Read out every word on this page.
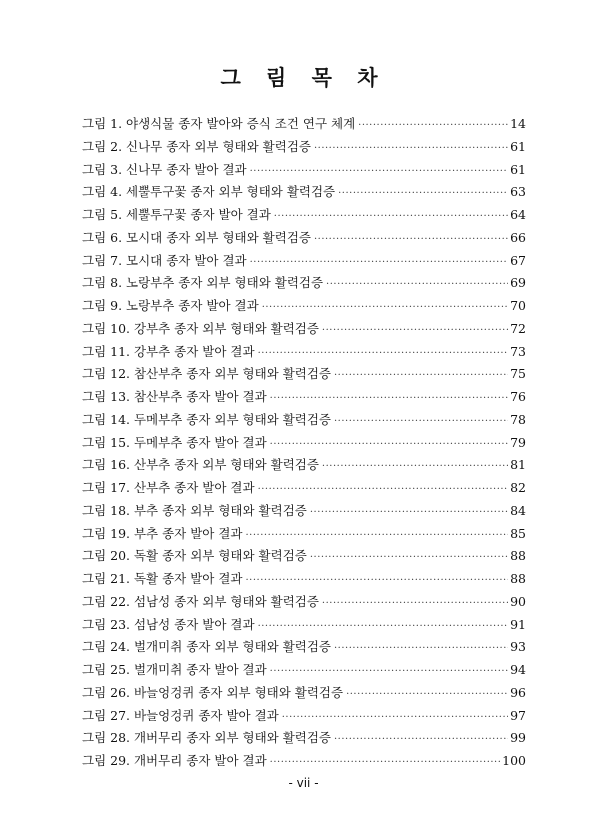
그 림 목 차
그림 1. 야생식물 종자 발아와 증식 조건 연구 체계 ·····	14
그림 2. 신나무 종자 외부 형태와 활력검증 ·····	61
그림 3. 신나무 종자 발아 결과 ·····	61
그림 4. 세뿔투구꽃 종자 외부 형태와 활력검증 ·····	63
그림 5. 세뿔투구꽃 종자 발아 결과 ·····	64
그림 6. 모시대 종자 외부 형태와 활력검증 ·····	66
그림 7. 모시대 종자 발아 결과 ·····	67
그림 8. 노랑부추 종자 외부 형태와 활력검증 ·····	69
그림 9. 노랑부추 종자 발아 결과 ·····	70
그림 10. 강부추 종자 외부 형태와 활력검증 ·····	72
그림 11. 강부추 종자 발아 결과 ·····	73
그림 12. 참산부추 종자 외부 형태와 활력검증 ·····	75
그림 13. 참산부추 종자 발아 결과 ·····	76
그림 14. 두메부추 종자 외부 형태와 활력검증 ·····	78
그림 15. 두메부추 종자 발아 결과 ·····	79
그림 16. 산부추 종자 외부 형태와 활력검증 ·····	81
그림 17. 산부추 종자 발아 결과 ·····	82
그림 18. 부추 종자 외부 형태와 활력검증 ·····	84
그림 19. 부추 종자 발아 결과 ·····	85
그림 20. 독활 종자 외부 형태와 활력검증 ·····	88
그림 21. 독활 종자 발아 결과 ·····	88
그림 22. 섬남성 종자 외부 형태와 활력검증 ·····	90
그림 23. 섬남성 종자 발아 결과 ·····	91
그림 24. 벌개미취 종자 외부 형태와 활력검증 ·····	93
그림 25. 벌개미취 종자 발아 결과 ·····	94
그림 26. 바늘엉겅퀴 종자 외부 형태와 활력검증 ·····	96
그림 27. 바늘엉겅퀴 종자 발아 결과 ·····	97
그림 28. 개버무리 종자 외부 형태와 활력검증 ·····	99
그림 29. 개버무리 종자 발아 결과 ·····	100
- vii -
